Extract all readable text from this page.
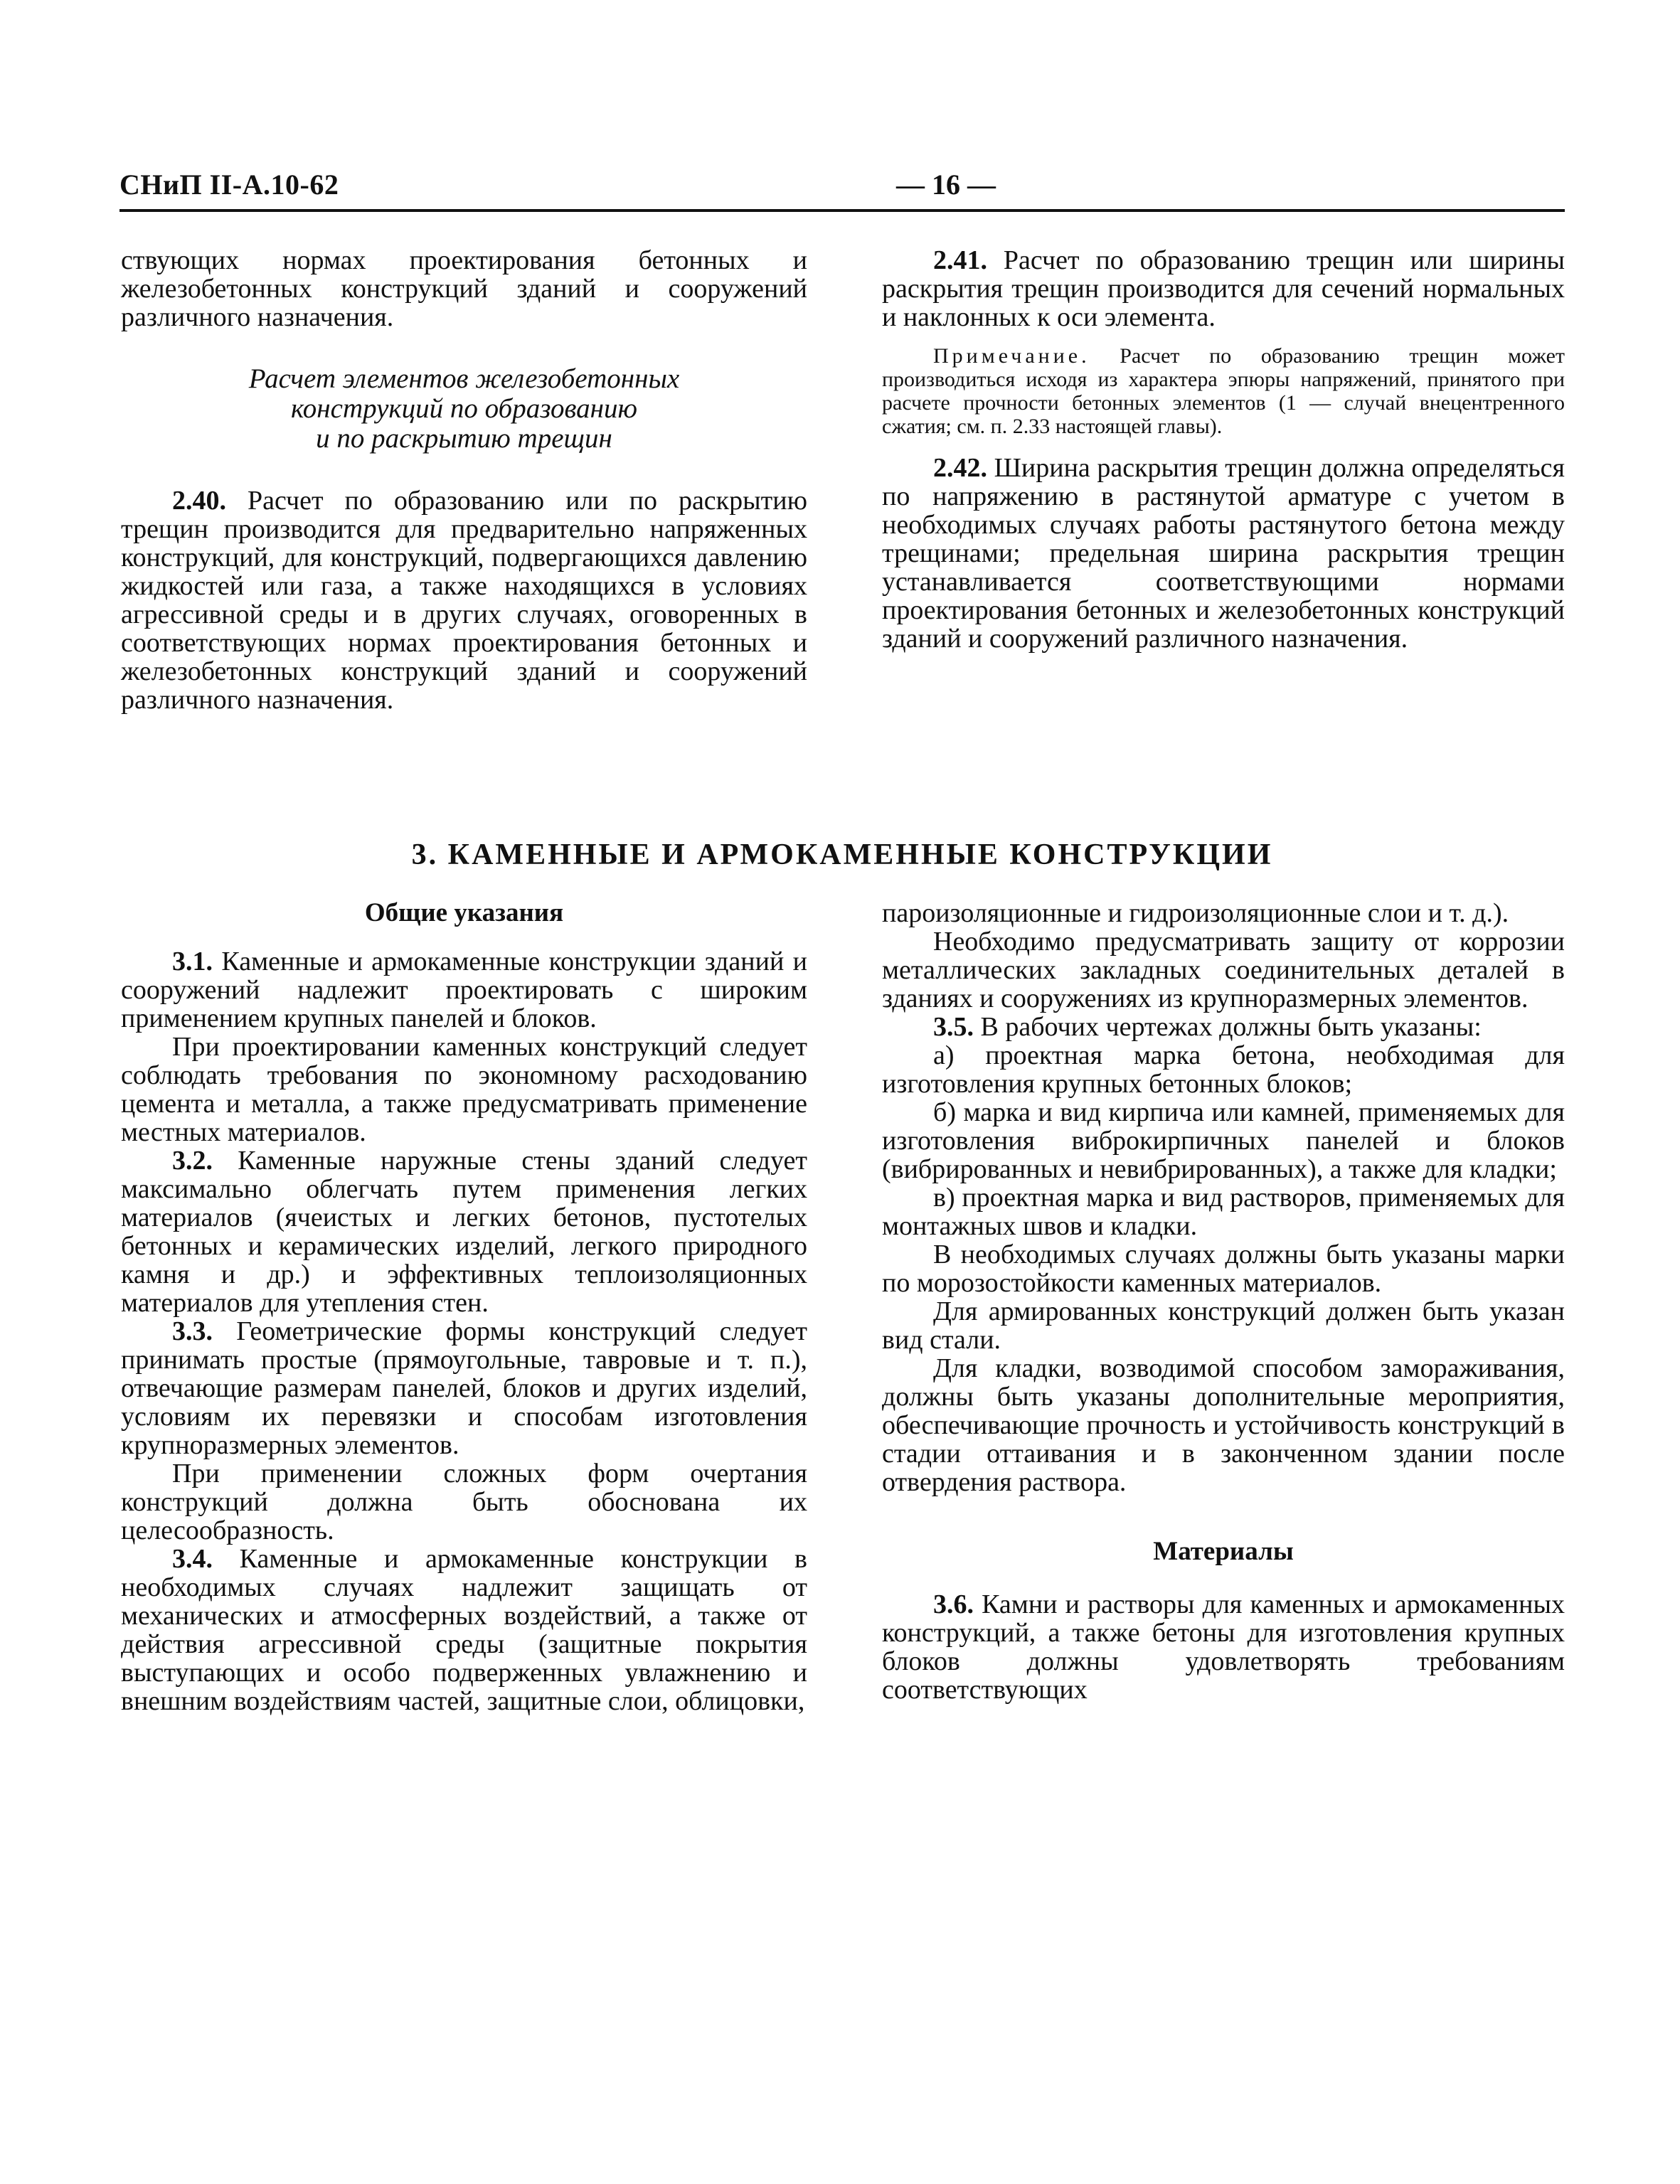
СНиП II-А.10-62	— 16 —

ствующих нормах проектирования бетонных и железобетонных конструкций зданий и сооружений различного назначения.

Расчет элементов железобетонных
конструкций по образованию
и по раскрытию трещин

2.40. Расчет по образованию или по раскрытию трещин производится для предварительно напряженных конструкций, для конструкций, подвергающихся давлению жидкостей или газа, а также находящихся в условиях агрессивной среды и в других случаях, оговоренных в соответствующих нормах проектирования бетонных и железобетонных конструкций зданий и сооружений различного назначения.

2.41. Расчет по образованию трещин или ширины раскрытия трещин производится для сечений нормальных и наклонных к оси элемента.

Примечание. Расчет по образованию трещин может производиться исходя из характера эпюры напряжений, принятого при расчете прочности бетонных элементов (1 — случай внецентренного сжатия; см. п. 2.33 настоящей главы).

2.42. Ширина раскрытия трещин должна определяться по напряжению в растянутой арматуре с учетом в необходимых случаях работы растянутого бетона между трещинами; предельная ширина раскрытия трещин устанавливается соответствующими нормами проектирования бетонных и железобетонных конструкций зданий и сооружений различного назначения.

3. КАМЕННЫЕ И АРМОКАМЕННЫЕ КОНСТРУКЦИИ

Общие указания

3.1. Каменные и армокаменные конструкции зданий и сооружений надлежит проектировать с широким применением крупных панелей и блоков.

При проектировании каменных конструкций следует соблюдать требования по экономному расходованию цемента и металла, а также предусматривать применение местных материалов.

3.2. Каменные наружные стены зданий следует максимально облегчать путем применения легких материалов (ячеистых и легких бетонов, пустотелых бетонных и керамических изделий, легкого природного камня и др.) и эффективных теплоизоляционных материалов для утепления стен.

3.3. Геометрические формы конструкций следует принимать простые (прямоугольные, тавровые и т. п.), отвечающие размерам панелей, блоков и других изделий, условиям их перевязки и способам изготовления крупноразмерных элементов.

При применении сложных форм очертания конструкций должна быть обоснована их целесообразность.

3.4. Каменные и армокаменные конструкции в необходимых случаях надлежит защищать от механических и атмосферных воздействий, а также от действия агрессивной среды (защитные покрытия выступающих и особо подверженных увлажнению и внешним воздействиям частей, защитные слои, облицовки,

пароизоляционные и гидроизоляционные слои и т. д.).

Необходимо предусматривать защиту от коррозии металлических закладных соединительных деталей в зданиях и сооружениях из крупноразмерных элементов.

3.5. В рабочих чертежах должны быть указаны:

а) проектная марка бетона, необходимая для изготовления крупных бетонных блоков;

б) марка и вид кирпича или камней, применяемых для изготовления виброкирпичных панелей и блоков (вибрированных и невибрированных), а также для кладки;

в) проектная марка и вид растворов, применяемых для монтажных швов и кладки.

В необходимых случаях должны быть указаны марки по морозостойкости каменных материалов.

Для армированных конструкций должен быть указан вид стали.

Для кладки, возводимой способом замораживания, должны быть указаны дополнительные мероприятия, обеспечивающие прочность и устойчивость конструкций в стадии оттаивания и в законченном здании после отвердения раствора.

Материалы

3.6. Камни и растворы для каменных и армокаменных конструкций, а также бетоны для изготовления крупных блоков должны удовлетворять требованиям соответствующих
